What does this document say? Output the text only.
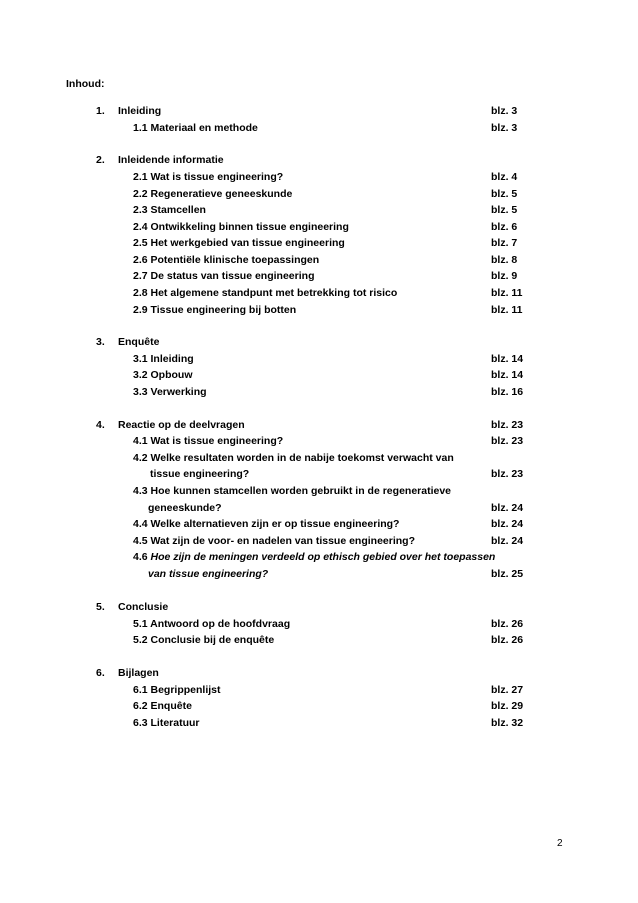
Inhoud:
1. Inleiding	blz. 3
1.1 Materiaal en methode	blz. 3
2. Inleidende informatie
2.1 Wat is tissue engineering?	blz. 4
2.2 Regeneratieve geneeskunde	blz. 5
2.3 Stamcellen	blz. 5
2.4 Ontwikkeling binnen tissue engineering	blz. 6
2.5 Het werkgebied van tissue engineering	blz. 7
2.6 Potentiële klinische toepassingen	blz. 8
2.7 De status van tissue engineering	blz. 9
2.8 Het algemene standpunt met betrekking tot risico	blz. 11
2.9 Tissue engineering bij botten	blz. 11
3. Enquête
3.1 Inleiding	blz. 14
3.2 Opbouw	blz. 14
3.3 Verwerking	blz. 16
4. Reactie op de deelvragen	blz. 23
4.1 Wat is tissue engineering?	blz. 23
4.2 Welke resultaten worden in de nabije toekomst verwacht van
tissue engineering?	blz. 23
4.3 Hoe kunnen stamcellen worden gebruikt in de regeneratieve
geneeskunde?	blz. 24
4.4 Welke alternatieven zijn er op tissue engineering?	blz. 24
4.5 Wat zijn de voor- en nadelen van tissue engineering?	blz. 24
4.6 Hoe zijn de meningen verdeeld op ethisch gebied over het toepassen
van tissue engineering?	blz. 25
5. Conclusie
5.1 Antwoord op de hoofdvraag	blz. 26
5.2 Conclusie bij de enquête	blz. 26
6. Bijlagen
6.1 Begrippenlijst	blz. 27
6.2 Enquête	blz. 29
6.3 Literatuur	blz. 32
2
